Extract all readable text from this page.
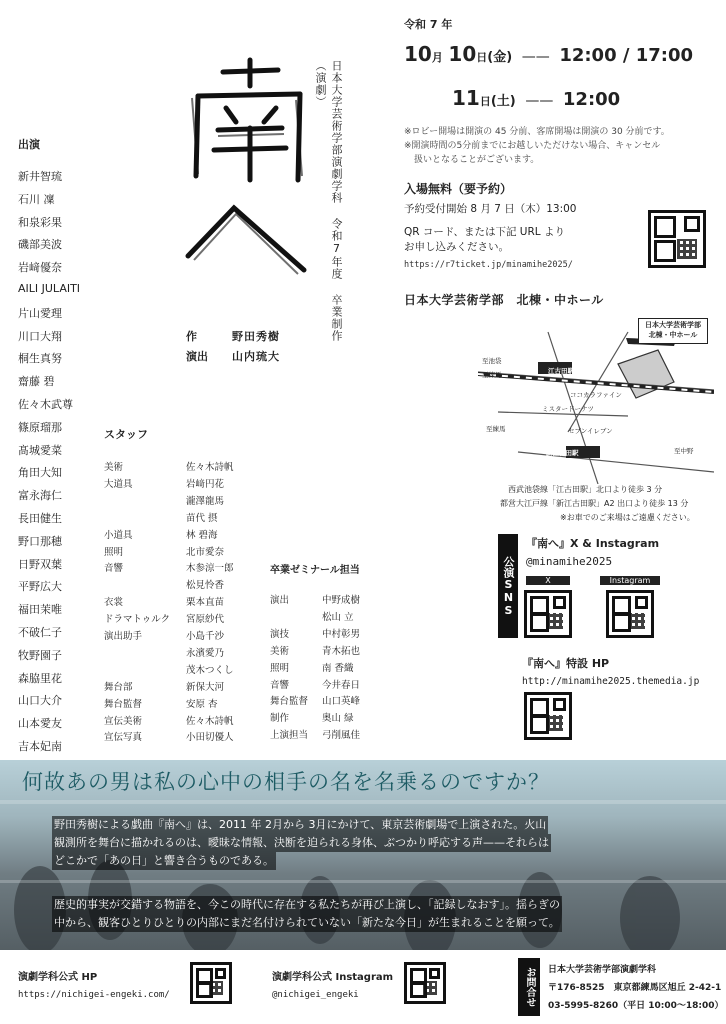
日本大学芸術学部演劇学科 令和7年度 卒業制作（演劇）
作	野田秀樹
演出 山内琉大
出演
新井智琉
石川 凜
和泉彩果
磯部美波
岩﨑優奈
AILI JULAITI
片山愛理
川口大翔
桐生真努
齋藤 碧
佐々木武尊
篠原瑠那
髙城愛菜
角田大知
富永海仁
長田健生
野口那穂
日野双葉
平野広大
福田茉唯
不破仁子
牧野園子
森脇里花
山口大介
山本愛友
吉本妃南
スタッフ
美術	佐々木詩帆
大道具	岩﨑円花
瀧澤龍馬
苗代 摂
小道具	林 碧海
照明	北市愛奈
音響	木参涼一郎
松見怜香
衣裳	栗本直苗
ドラマトゥルク 宮原紗代
演出助手	小島千沙
永濱愛乃
茂木つくし
舞台部	新保大河
舞台監督	安原 杏
宣伝美術	佐々木詩帆
宣伝写真	小田切優人
卒業ゼミナール担当
演出	中野成樹
松山 立
演技	中村彰男
美術	青木拓也
照明	南 香織
音響	今井春日
舞台監督 山口英峰
制作	奥山 緑
上演担当 弓削風佳
令和 7 年
10月 10日(金) —— 12:00 / 17:00
11日(土) —— 12:00
※ロビー開場は開演の 45 分前、客席開場は開演の 30 分前です。
※開演時間の5分前までにお越しいただけない場合、キャンセル
扱いとなることがございます。
入場無料（要予約）
予約受付開始 8 月 7 日（木）13:00
QR コード、または下記 URL より
お申し込みください。
https://r7ticket.jp/minamihe2025/
日本大学芸術学部　北棟・中ホール
日本大学芸術学部
北棟・中ホール
江古田駅
ココカラファイン
ミスタードーナツ
セブンイレブン
新江古田駅
至池袋
至練馬
至練馬
至中野
西武池袋線「江古田駅」北口より徒歩 3 分
都営大江戸線「新江古田駅」A2 出口より徒歩 13 分
※お車でのご来場はご遠慮ください。
公演SNS
『南へ』X & Instagram
@minamihe2025
X	Instagram
『南へ』特設 HP
http://minamihe2025.themedia.jp
何故あの男は私の心中の相手の名を名乗るのですか？
野田秀樹による戯曲『南へ』は、2011 年 2月から 3月にかけて、東京芸術劇場で上演された。火山
観測所を舞台に描かれるのは、曖昧な情報、決断を迫られる身体、ぶつかり呼応する声——それらは
どこかで「あの日」と響き合うものである。
歴史的事実が交錯する物語を、今この時代に存在する私たちが再び上演し、「記録しなおす」。揺らぎの
中から、観客ひとりひとりの内部にまだ名付けられていない「新たな今日」が生まれることを願って。
演劇学科公式 HP
https://nichigei-engeki.com/
演劇学科公式 Instagram
@nichigei_engeki	お問合せ	日本大学芸術学部演劇学科
〒176-8525　東京都練馬区旭丘 2-42-1
03-5995-8260（平日 10:00〜18:00）
